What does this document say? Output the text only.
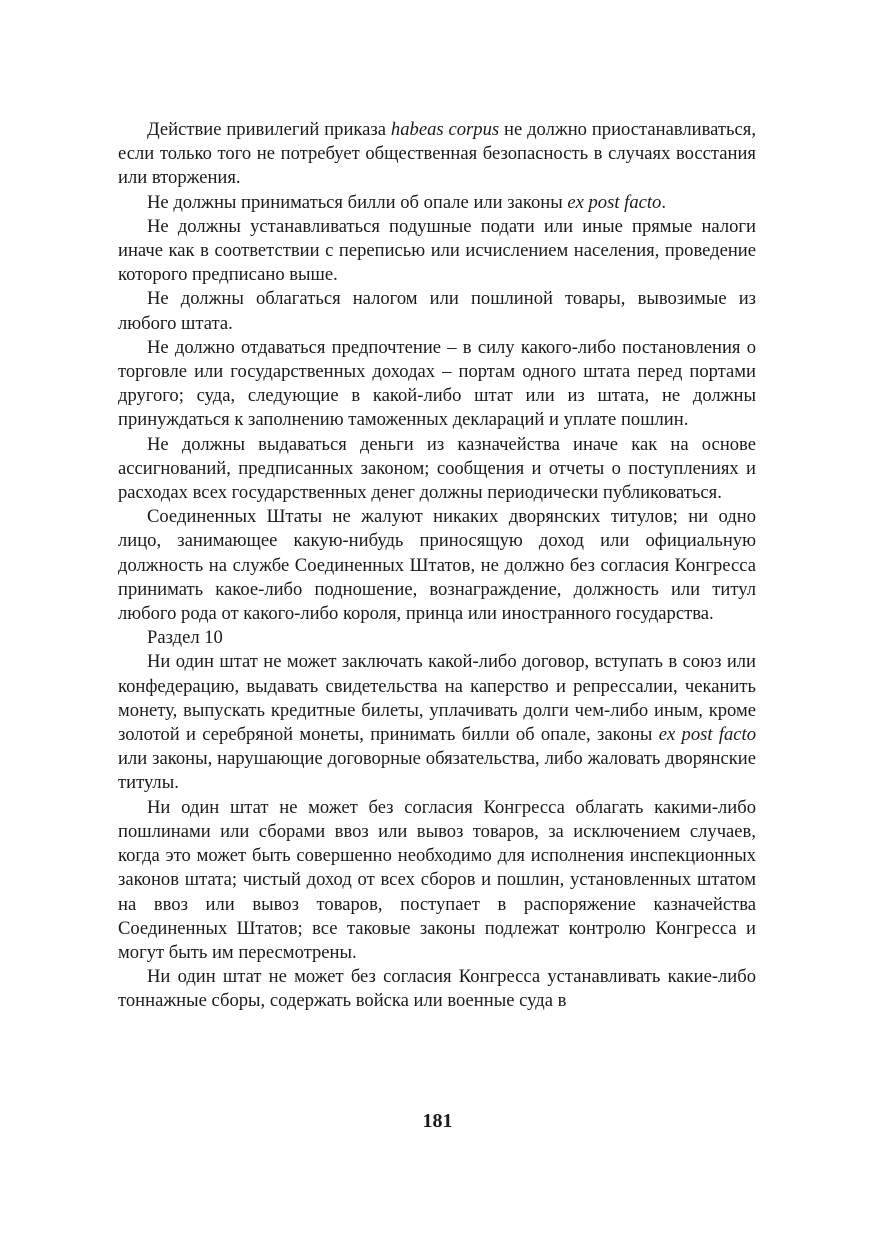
Действие привилегий приказа habeas corpus не должно приостанавливаться, если только того не потребует общественная безопасность в случаях восстания или вторжения.

Не должны приниматься билли об опале или законы ex post facto.

Не должны устанавливаться подушные подати или иные прямые налоги иначе как в соответствии с переписью или исчислением населения, проведение которого предписано выше.

Не должны облагаться налогом или пошлиной товары, вывозимые из любого штата.

Не должно отдаваться предпочтение – в силу какого-либо постановления о торговле или государственных доходах – портам одного штата перед портами другого; суда, следующие в какой-либо штат или из штата, не должны принуждаться к заполнению таможенных деклараций и уплате пошлин.

Не должны выдаваться деньги из казначейства иначе как на основе ассигнований, предписанных законом; сообщения и отчеты о поступлениях и расходах всех государственных денег должны периодически публиковаться.

Соединенных Штаты не жалуют никаких дворянских титулов; ни одно лицо, занимающее какую-нибудь приносящую доход или официальную должность на службе Соединенных Штатов, не должно без согласия Конгресса принимать какое-либо подношение, вознаграждение, должность или титул любого рода от какого-либо короля, принца или иностранного государства.

Раздел 10

Ни один штат не может заключать какой-либо договор, вступать в союз или конфедерацию, выдавать свидетельства на каперство и репрессалии, чеканить монету, выпускать кредитные билеты, уплачивать долги чем-либо иным, кроме золотой и серебряной монеты, принимать билли об опале, законы ex post facto или законы, нарушающие договорные обязательства, либо жаловать дворянские титулы.

Ни один штат не может без согласия Конгресса облагать какими-либо пошлинами или сборами ввоз или вывоз товаров, за исключением случаев, когда это может быть совершенно необходимо для исполнения инспекционных законов штата; чистый доход от всех сборов и пошлин, установленных штатом на ввоз или вывоз товаров, поступает в распоряжение казначейства Соединенных Штатов; все таковые законы подлежат контролю Конгресса и могут быть им пересмотрены.

Ни один штат не может без согласия Конгресса устанавливать какие-либо тоннажные сборы, содержать войска или военные суда в

181
